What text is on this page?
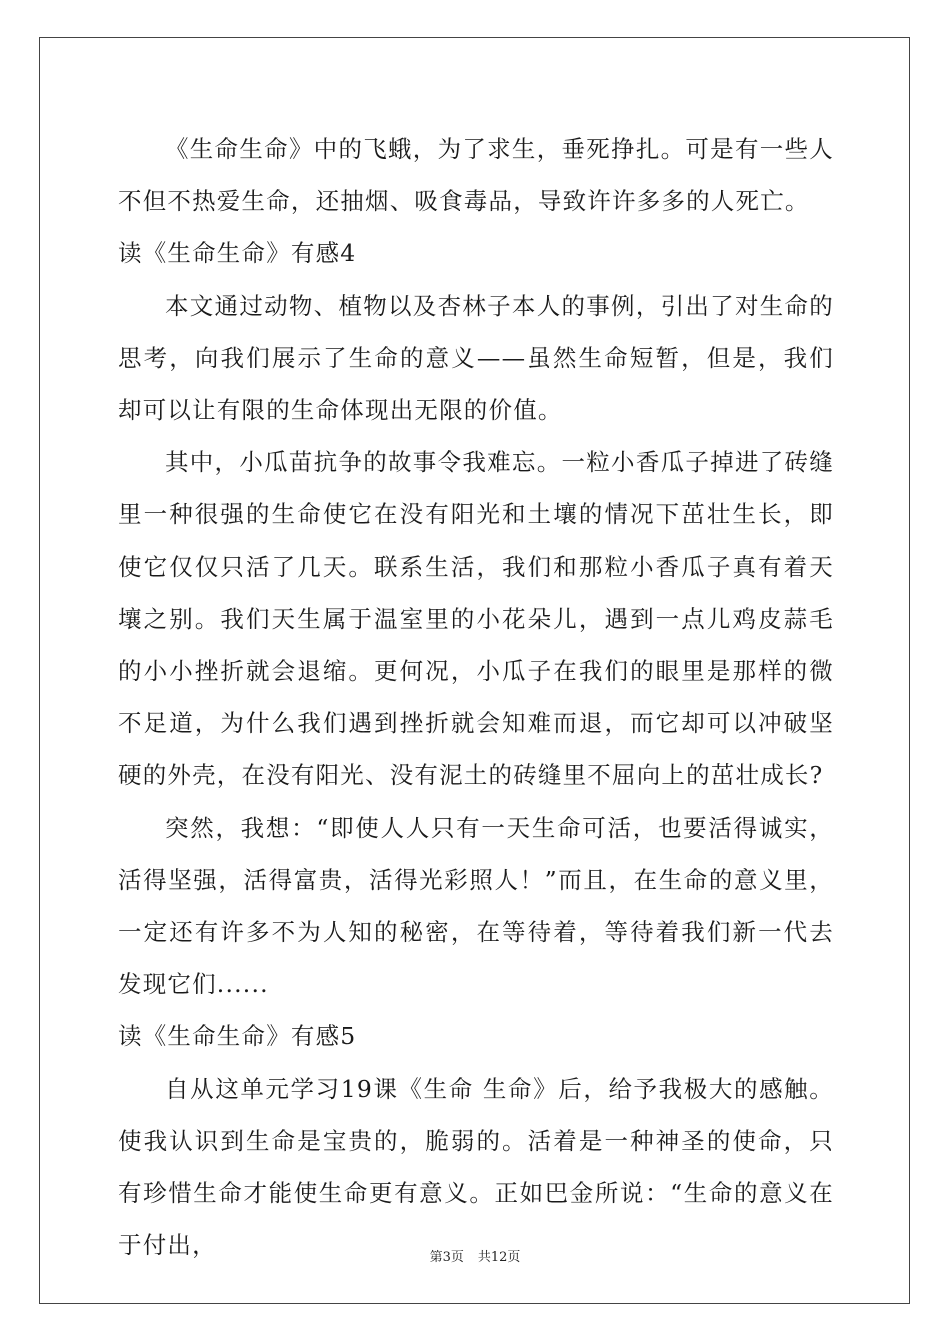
《生命生命》中的飞蛾，为了求生，垂死挣扎。可是有一些人不但不热爱生命，还抽烟、吸食毒品，导致许许多多的人死亡。

读《生命生命》有感4

本文通过动物、植物以及杏林子本人的事例，引出了对生命的思考，向我们展示了生命的意义——虽然生命短暂，但是，我们却可以让有限的生命体现出无限的价值。

其中，小瓜苗抗争的故事令我难忘。一粒小香瓜子掉进了砖缝里一种很强的生命使它在没有阳光和土壤的情况下茁壮生长，即使它仅仅只活了几天。联系生活，我们和那粒小香瓜子真有着天壤之别。我们天生属于温室里的小花朵儿，遇到一点儿鸡皮蒜毛的小小挫折就会退缩。更何况，小瓜子在我们的眼里是那样的微不足道，为什么我们遇到挫折就会知难而退，而它却可以冲破坚硬的外壳，在没有阳光、没有泥土的砖缝里不屈向上的茁壮成长?

突然，我想：“即使人人只有一天生命可活，也要活得诚实，活得坚强，活得富贵，活得光彩照人！”而且，在生命的意义里，一定还有许多不为人知的秘密，在等待着，等待着我们新一代去发现它们......

读《生命生命》有感5

自从这单元学习19课《生命 生命》后，给予我极大的感触。使我认识到生命是宝贵的，脆弱的。活着是一种神圣的使命，只有珍惜生命才能使生命更有意义。正如巴金所说：“生命的意义在于付出，	第3页 共12页
